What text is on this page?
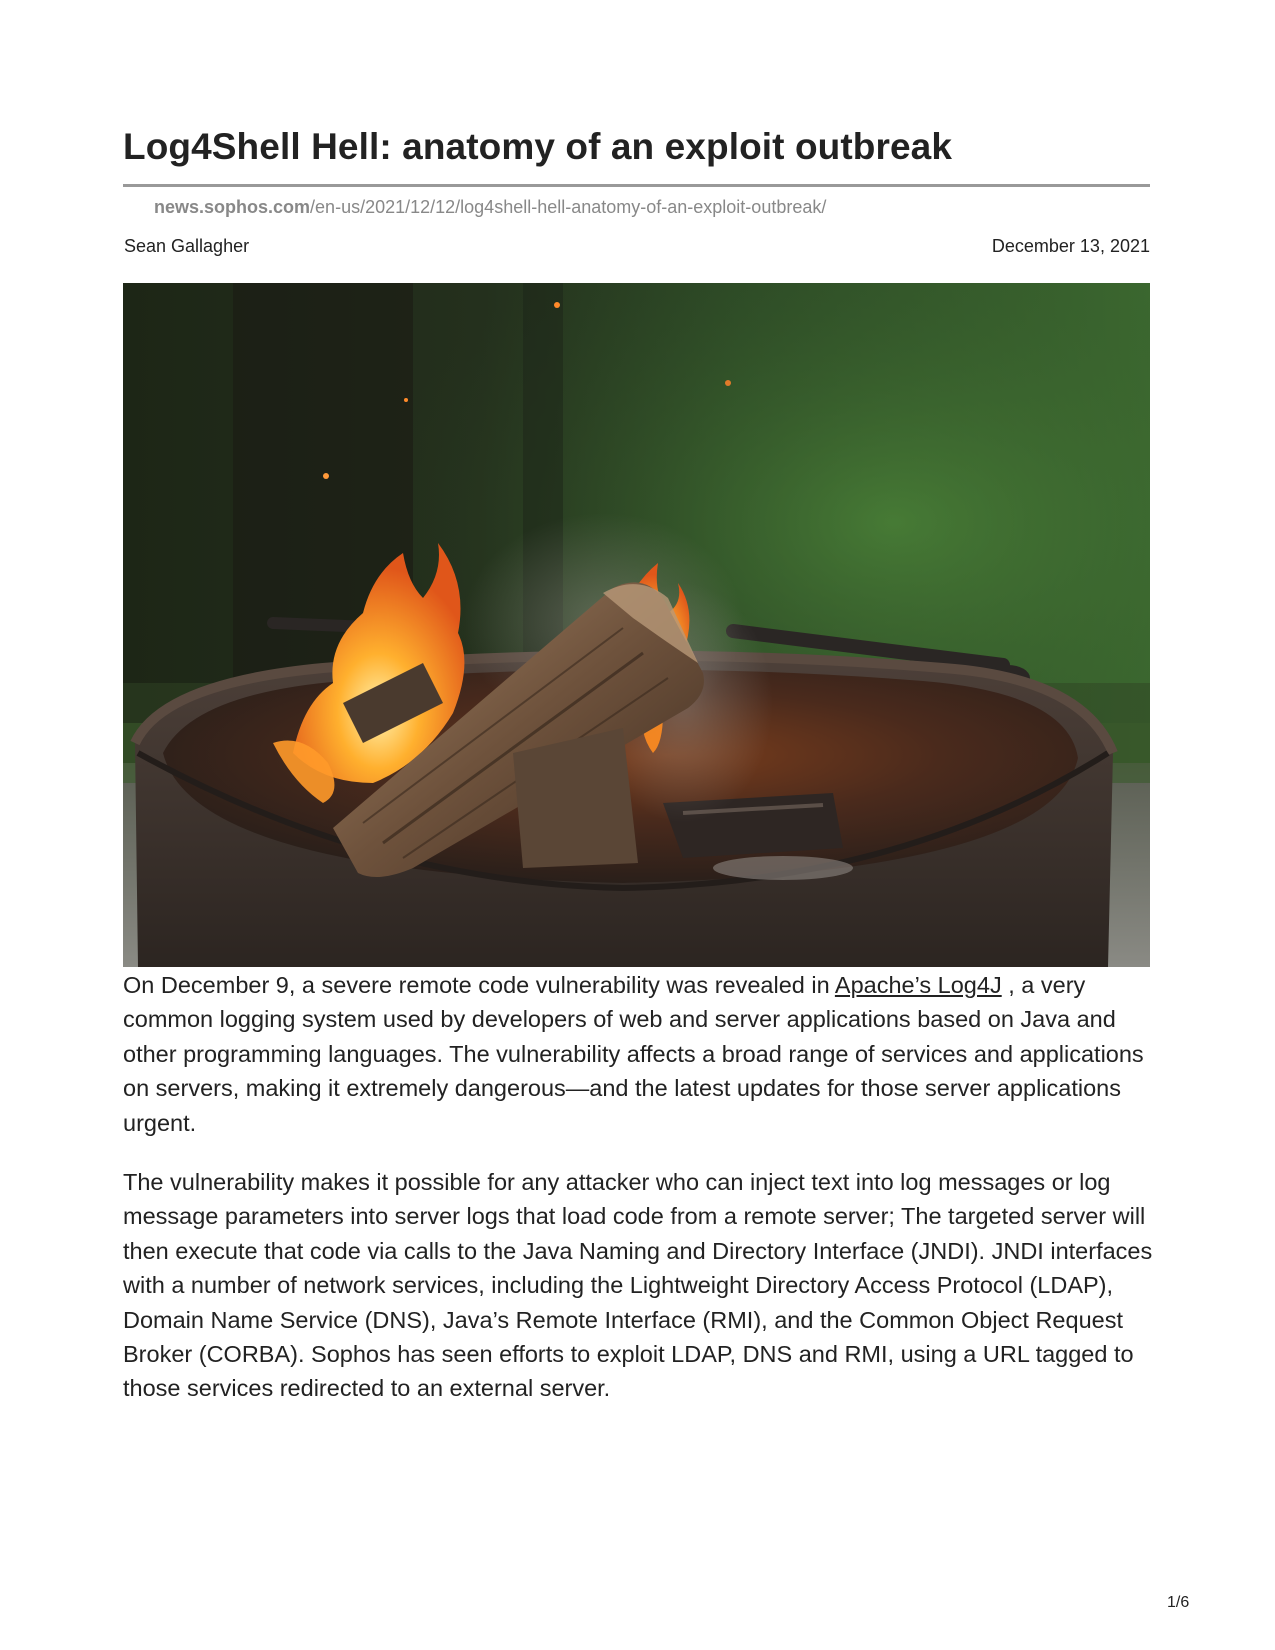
Log4Shell Hell: anatomy of an exploit outbreak
news.sophos.com/en-us/2021/12/12/log4shell-hell-anatomy-of-an-exploit-outbreak/
Sean Gallagher	December 13, 2021

On December 9, a severe remote code vulnerability was revealed in Apache’s Log4J , a very common logging system used by developers of web and server applications based on Java and other programming languages. The vulnerability affects a broad range of services and applications on servers, making it extremely dangerous—and the latest updates for those server applications urgent.

The vulnerability makes it possible for any attacker who can inject text into log messages or log message parameters into server logs that load code from a remote server; The targeted server will then execute that code via calls to the Java Naming and Directory Interface (JNDI). JNDI interfaces with a number of network services, including the Lightweight Directory Access Protocol (LDAP), Domain Name Service (DNS), Java’s Remote Interface (RMI), and the Common Object Request Broker (CORBA). Sophos has seen efforts to exploit LDAP, DNS and RMI, using a URL tagged to those services redirected to an external server.

1/6
